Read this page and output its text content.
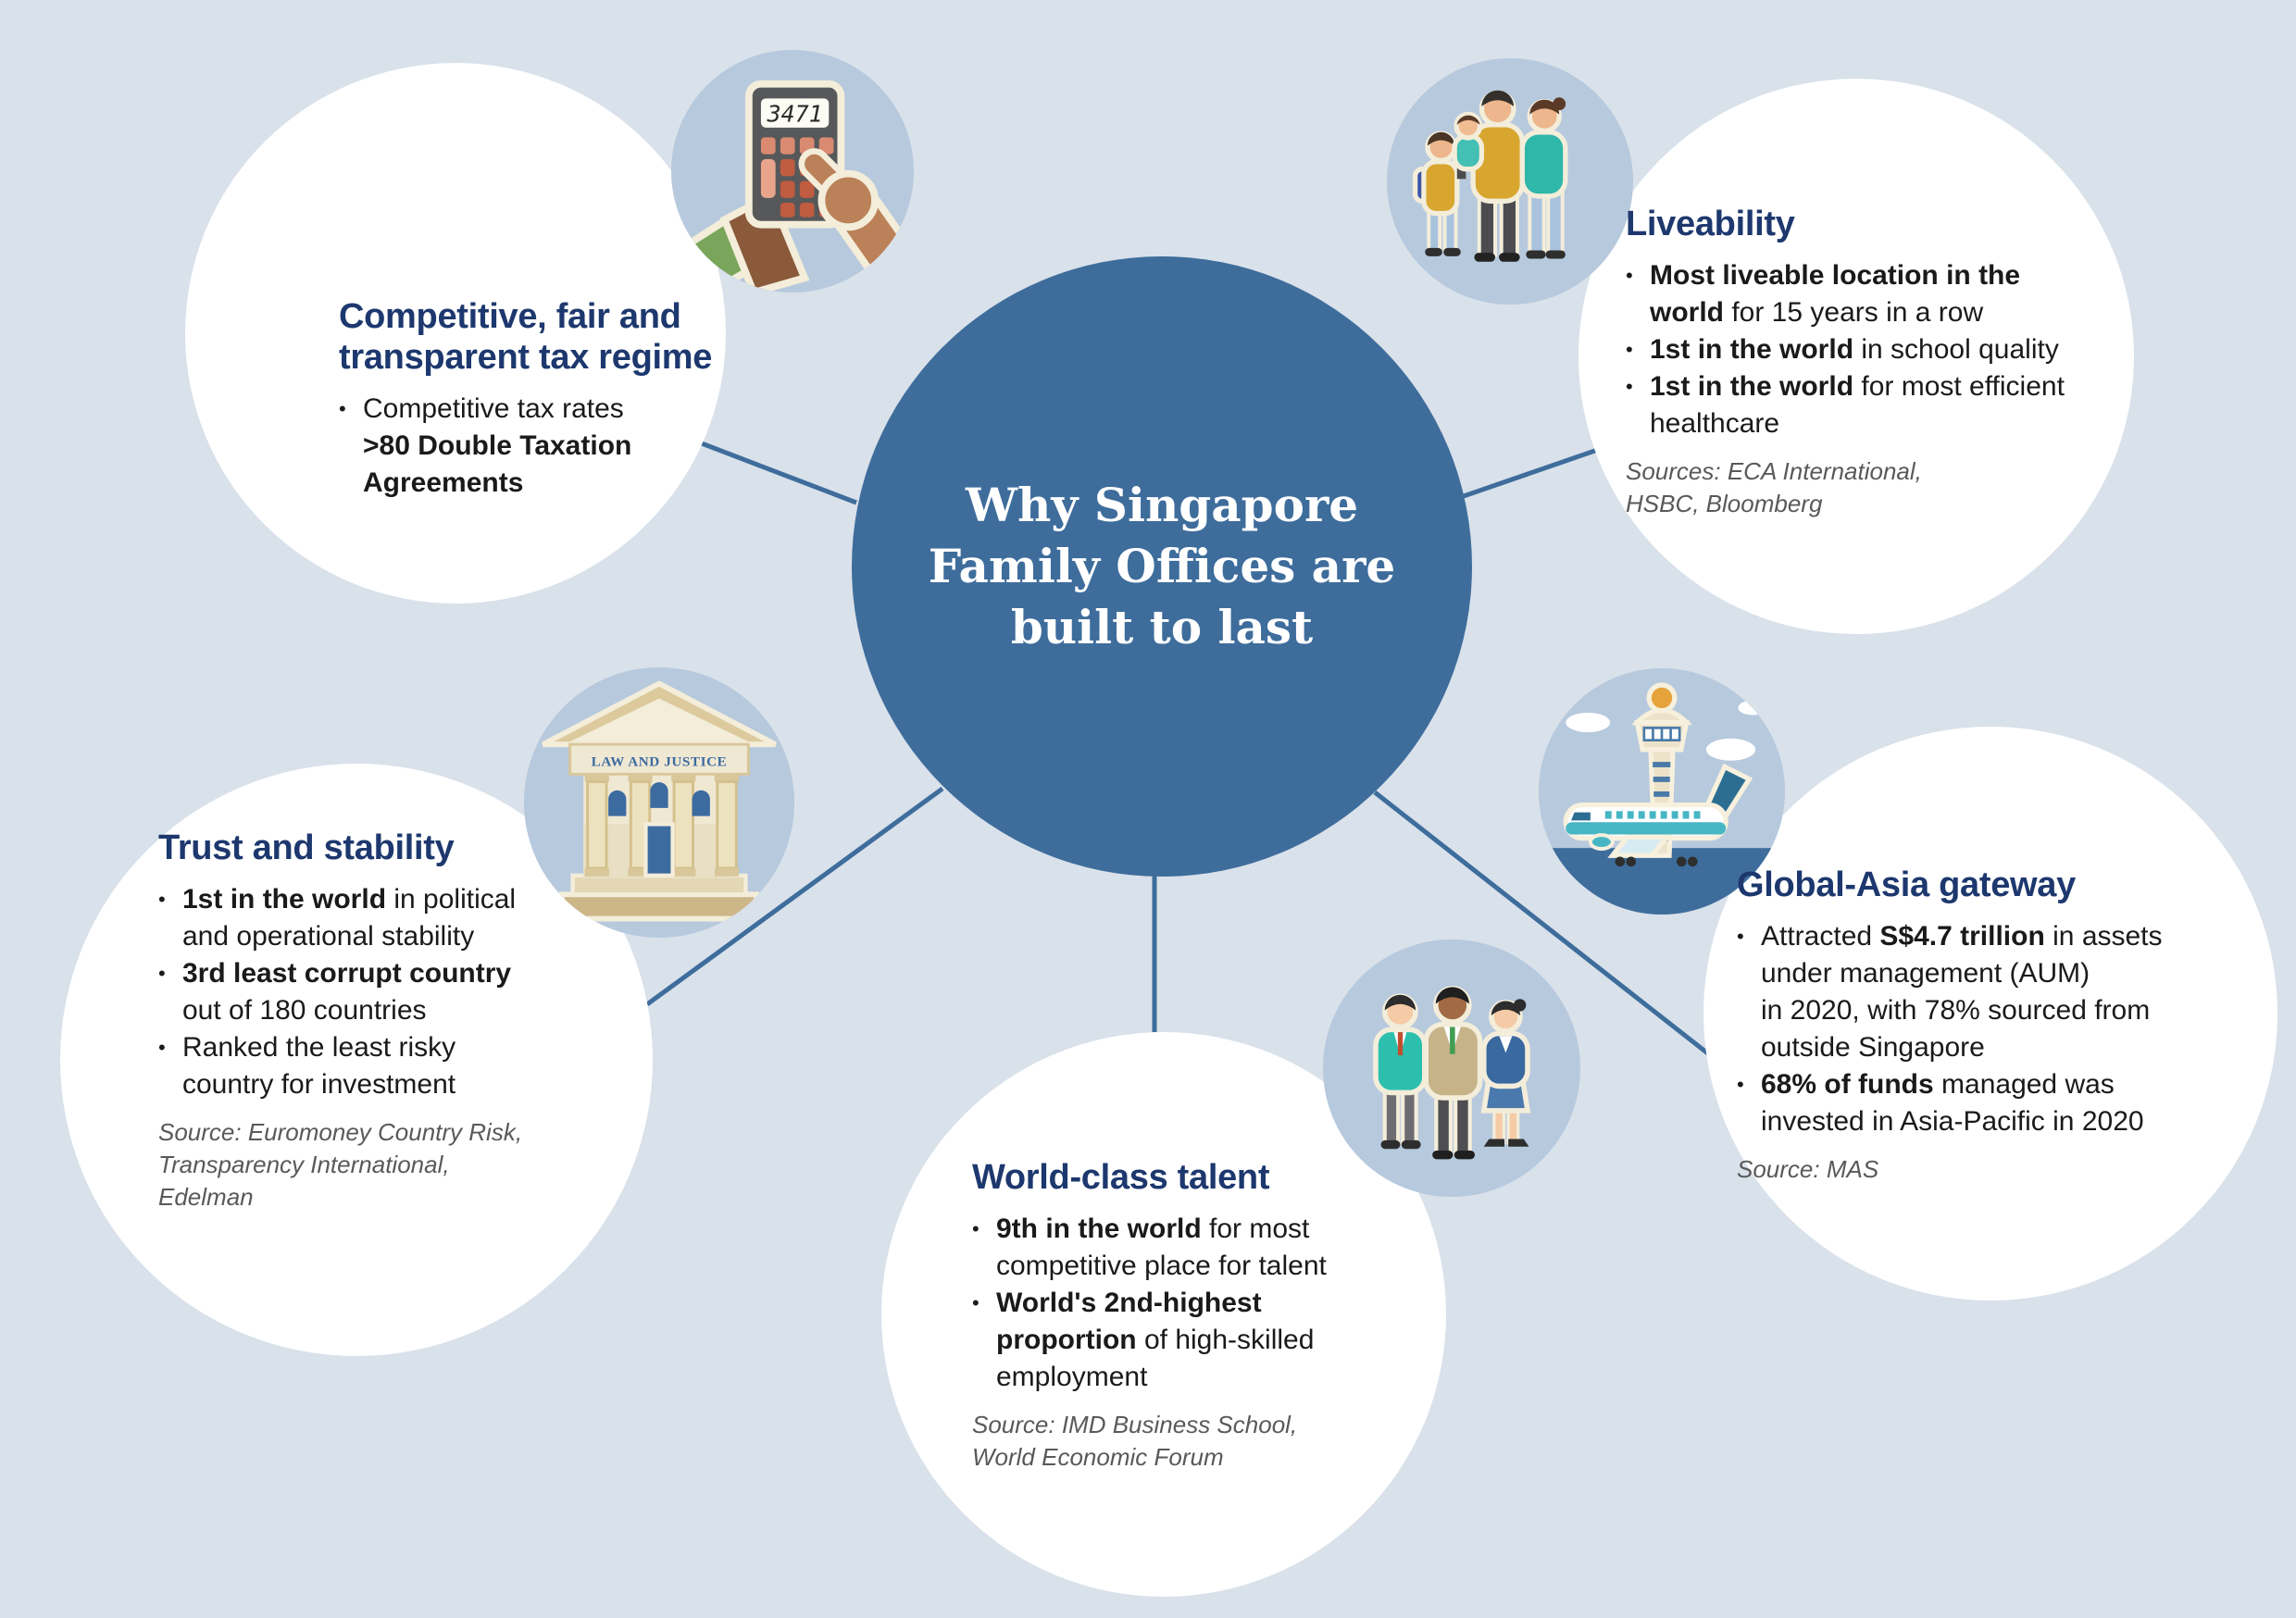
3471
LAW AND JUSTICE
Why Singapore
Family Offices are
built to last
Competitive, fair and
transparent tax regime
• Competitive tax rates
>80 Double Taxation
Agreements
Liveability
• Most liveable location in the
world for 15 years in a row
• 1st in the world in school quality
• 1st in the world for most efficient
healthcare
Sources: ECA International,
HSBC, Bloomberg
Trust and stability
• 1st in the world in political
and operational stability
• 3rd least corrupt country
out of 180 countries
• Ranked the least risky
country for investment
Source: Euromoney Country Risk,
Transparency International,
Edelman
Global-Asia gateway
• Attracted S$4.7 trillion in assets
under management (AUM)
in 2020, with 78% sourced from
outside Singapore
• 68% of funds managed was
invested in Asia-Pacific in 2020
Source: MAS
World-class talent
• 9th in the world for most
competitive place for talent
• World's 2nd-highest
proportion of high-skilled
employment
Source: IMD Business School,
World Economic Forum
